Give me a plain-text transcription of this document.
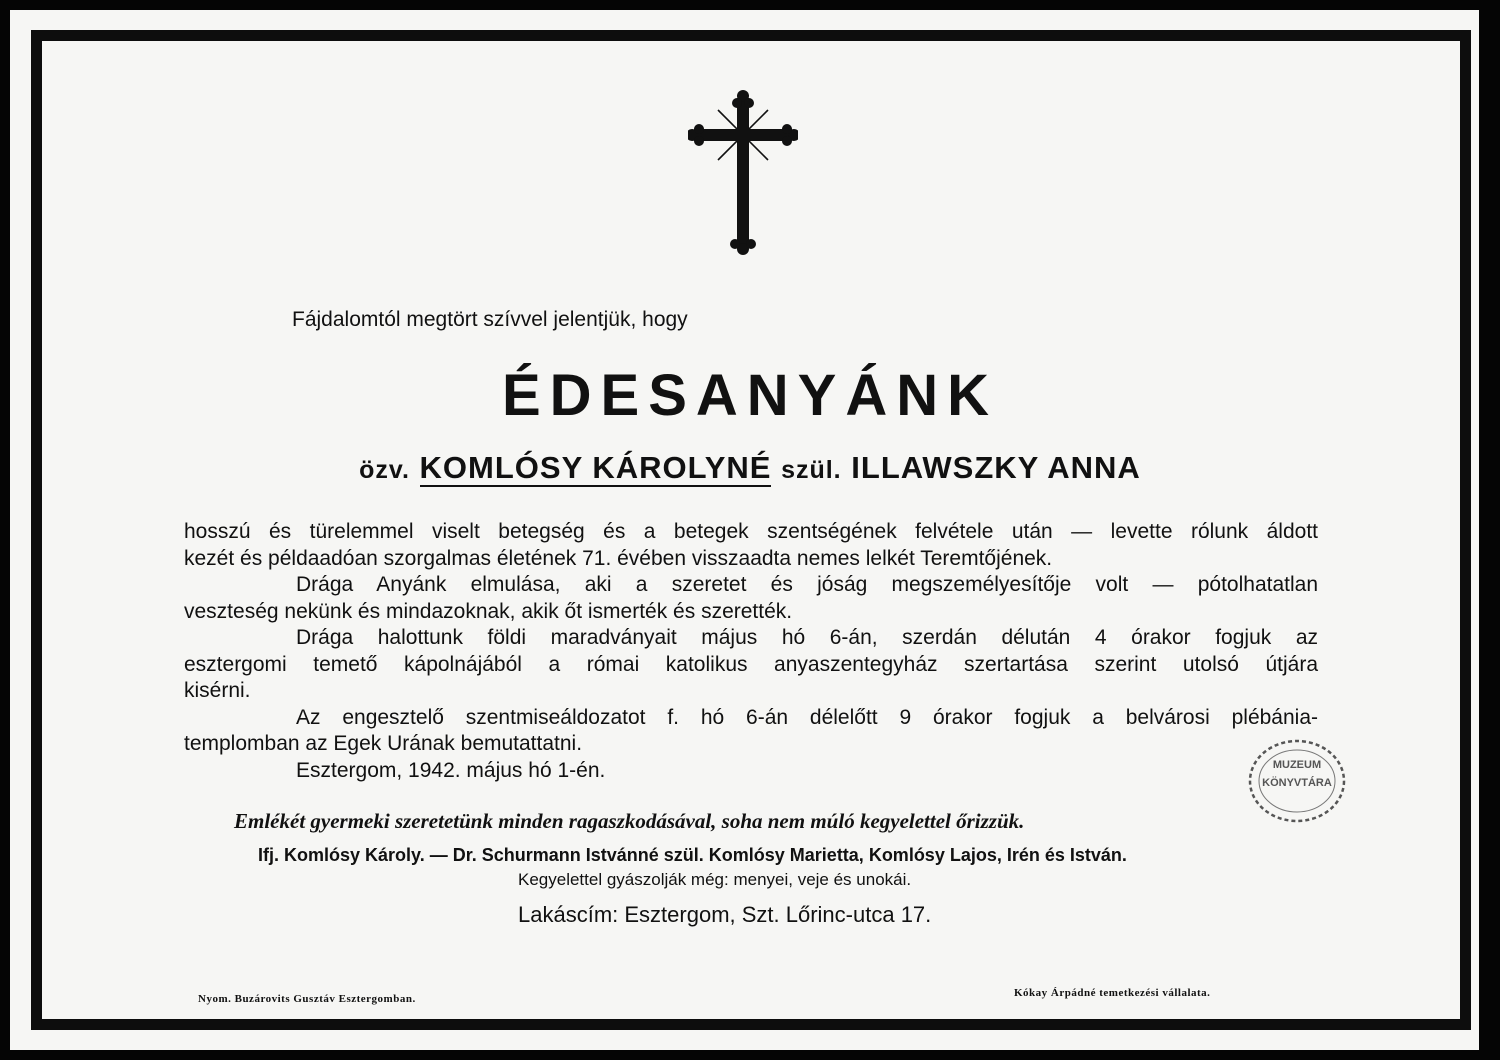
Fájdalomtól megtört szívvel jelentjük, hogy
ÉDESANYÁNK
özv. KOMLÓSY KÁROLYNÉ szül. ILLAWSZKY ANNA

hosszú és türelemmel viselt betegség és a betegek szentségének felvétele után — levette rólunk áldott

kezét és példaadóan szorgalmas életének 71. évében visszaadta nemes lelkét Teremtőjének.

Drága Anyánk elmulása, aki a szeretet és jóság megszemélyesítője volt — pótolhatatlan

veszteség nekünk és mindazoknak, akik őt ismerték és szerették.

Drága halottunk földi maradványait május hó 6-án, szerdán délután 4 órakor fogjuk az

esztergomi temető kápolnájából a római katolikus anyaszentegyház szertartása szerint utolsó útjára

kisérni.

Az engesztelő szentmiseáldozatot f. hó 6-án délelőtt 9 órakor fogjuk a belvárosi plébánia-

templomban az Egek Urának bemutattatni.

Esztergom, 1942. május hó 1-én.

Emlékét gyermeki szeretetünk minden ragaszkodásával, soha nem múló kegyelettel őrizzük.
Ifj. Komlósy Károly. — Dr. Schurmann Istvánné szül. Komlósy Marietta, Komlósy Lajos, Irén és István.
Kegyelettel gyászolják még: menyei, veje és unokái.
Lakáscím: Esztergom, Szt. Lőrinc-utca 17.
Nyom. Buzárovits Gusztáv Esztergomban.	Kókay Árpádné temetkezési vállalata.
MUZEUM
KÖNYVTÁRA
